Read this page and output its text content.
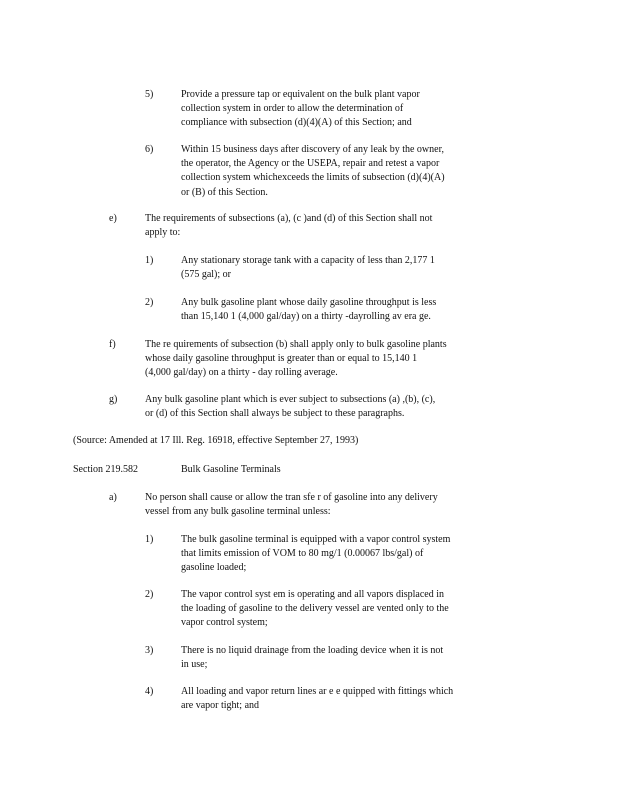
5)	Provide a pressure tap or equivalent on the bulk plant vapor
collection system in order to allow the determination of
compliance with subsection (d)(4)(A) of this Section; and
6)	Within 15 business days after discovery of any leak by the owner,
the operator, the Agency or the USEPA, repair and retest a vapor
collection system whichexceeds the limits of subsection (d)(4)(A)
or (B) of this Section.
e)	The requirements of subsections (a), (c )and (d) of this Section shall not
apply to:
1)	Any stationary storage tank with a capacity of less than 2,177 1
(575 gal); or
2)	Any bulk gasoline plant whose daily gasoline throughput is less
than 15,140 1 (4,000 gal/day) on a thirty -dayrolling av era ge.
f)	The re quirements of subsection (b) shall apply only to bulk gasoline plants
whose daily gasoline throughput is greater than or equal to 15,140 1
(4,000 gal/day) on a thirty - day rolling average.
g)	Any bulk gasoline plant which is ever subject to subsections (a) ,(b), (c),
or (d) of this Section shall always be subject to these paragraphs.
(Source: Amended at 17 Ill. Reg. 16918, effective September 27, 1993)
Section 219.582	Bulk Gasoline Terminals
a)	No person shall cause or allow the tran sfe r of gasoline into any delivery
vessel from any bulk gasoline terminal unless:
1)	The bulk gasoline terminal is equipped with a vapor control system
that limits emission of VOM to 80 mg/1 (0.00067 lbs/gal) of
gasoline loaded;
2)	The vapor control syst em is operating and all vapors displaced in
the loading of gasoline to the delivery vessel are vented only to the
vapor control system;
3)	There is no liquid drainage from the loading device when it is not
in use;
4)	All loading and vapor return lines ar e e quipped with fittings which
are vapor tight; and
